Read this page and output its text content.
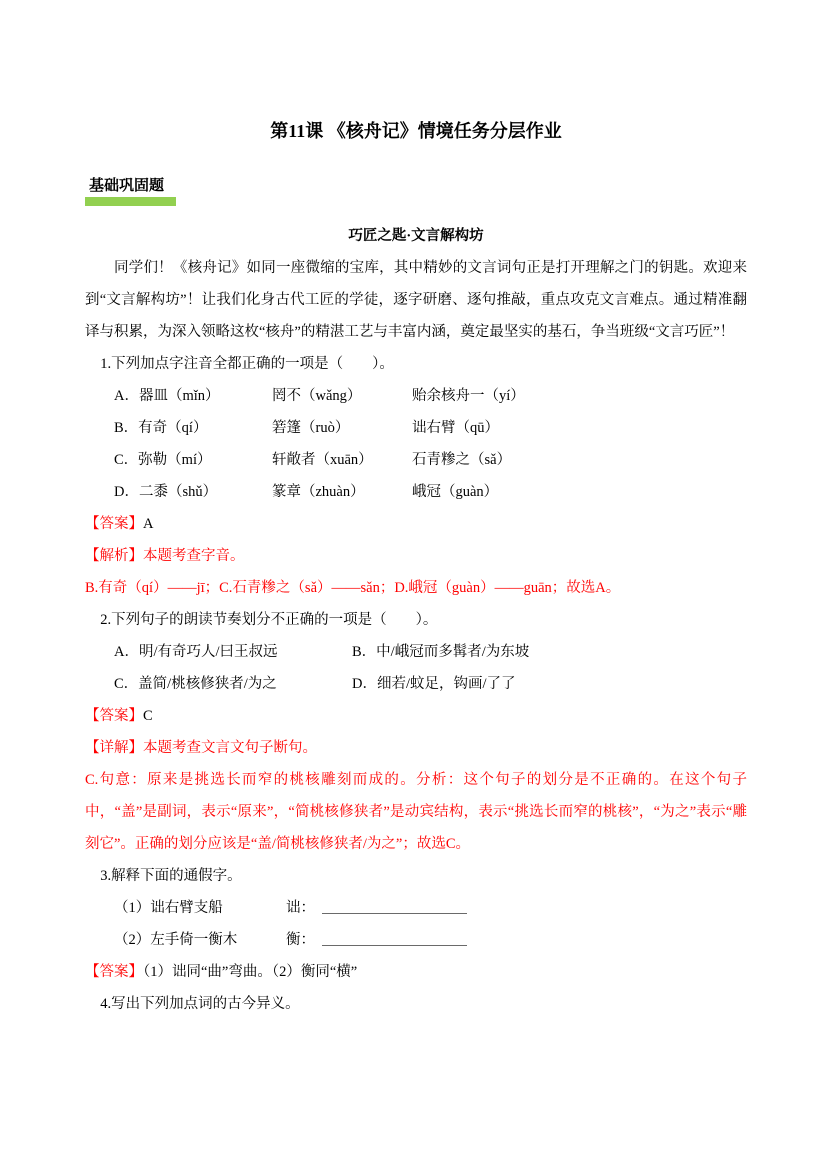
第11课 《核舟记》情境任务分层作业
基础巩固题
巧匠之匙·文言解构坊

同学们！《核舟记》如同一座微缩的宝库，其中精妙的文言词句正是打开理解之门的钥匙。欢迎来到“文言解构坊”！让我们化身古代工匠的学徒，逐字研磨、逐句推敲，重点攻克文言难点。通过精准翻译与积累，为深入领略这枚“核舟”的精湛工艺与丰富内涵，奠定最坚实的基石，争当班级“文言巧匠”！

1.下列加点字注音全都正确的一项是（　　）。
A．器皿（mǐn）	罔不（wǎng）	贻余核舟一（yí）
B．有奇（qí）	箬篷（ruò）	诎右臂（qū）
C．弥勒（mí）	轩敞者（xuān）	石青糁之（sǎ）
D．二黍（shǔ）	篆章（zhuàn）	峨冠（guàn）
【答案】A
【解析】本题考查字音。

B.有奇（qí）——jī；C.石青糁之（sǎ）——sǎn；D.峨冠（guàn）——guān；故选A。

2.下列句子的朗读节奏划分不正确的一项是（　　）。
A．明/有奇巧人/曰王叔远	B．中/峨冠而多髯者/为东坡
C．盖简/桃核修狭者/为之	D．细若/蚊足，钩画/了了
【答案】C
【详解】本题考查文言文句子断句。

C.句意：原来是挑选长而窄的桃核雕刻而成的。分析：这个句子的划分是不正确的。在这个句子中，“盖”是副词，表示“原来”，“简桃核修狭者”是动宾结构，表示“挑选长而窄的桃核”，“为之”表示“雕刻它”。正确的划分应该是“盖/简桃核修狭者/为之”；故选C。

3.解释下面的通假字。
（1）诎右臂支船	诎： ＿＿＿＿＿＿＿＿＿＿
（2）左手倚一衡木	衡： ＿＿＿＿＿＿＿＿＿＿
【答案】（1）诎同“曲”弯曲。（2）衡同“横”
4.写出下列加点词的古今异义。
